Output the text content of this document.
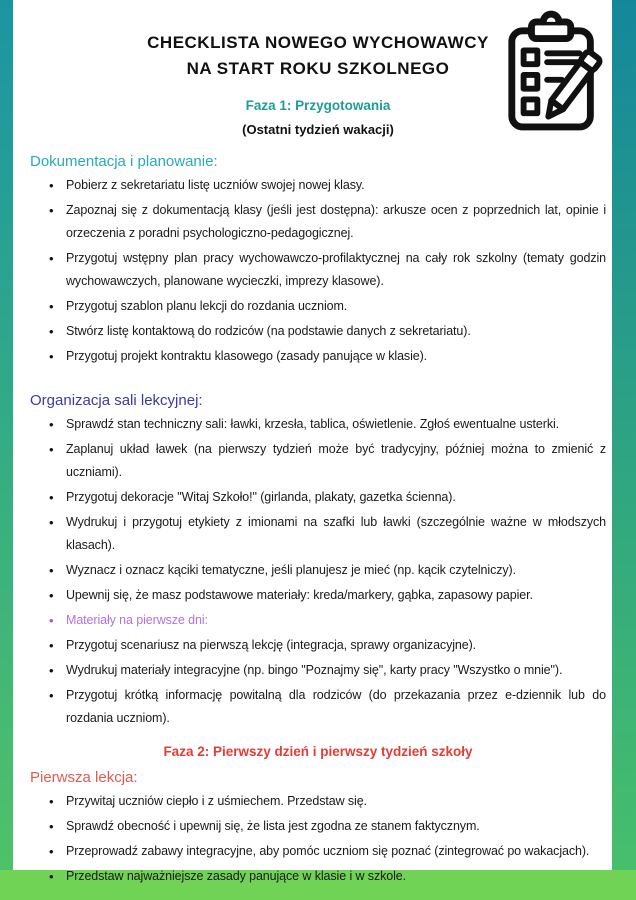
CHECKLISTA NOWEGO WYCHOWAWCY
NA START ROKU SZKOLNEGO
Faza 1: Przygotowania
(Ostatni tydzień wakacji)
Dokumentacja i planowanie:
• Pobierz z sekretariatu listę uczniów swojej nowej klasy.
• Zapoznaj się z dokumentacją klasy (jeśli jest dostępna): arkusze ocen z poprzednich lat, opinie i orzeczenia z poradni psychologiczno-pedagogicznej.
• Przygotuj wstępny plan pracy wychowawczo-profilaktycznej na cały rok szkolny (tematy godzin wychowawczych, planowane wycieczki, imprezy klasowe).
• Przygotuj szablon planu lekcji do rozdania uczniom.
• Stwórz listę kontaktową do rodziców (na podstawie danych z sekretariatu).
• Przygotuj projekt kontraktu klasowego (zasady panujące w klasie).
Organizacja sali lekcyjnej:
• Sprawdź stan techniczny sali: ławki, krzesła, tablica, oświetlenie. Zgłoś ewentualne usterki.
• Zaplanuj układ ławek (na pierwszy tydzień może być tradycyjny, później można to zmienić z uczniami).
• Przygotuj dekoracje "Witaj Szkoło!" (girlanda, plakaty, gazetka ścienna).
• Wydrukuj i przygotuj etykiety z imionami na szafki lub ławki (szczególnie ważne w młodszych klasach).
• Wyznacz i oznacz kąciki tematyczne, jeśli planujesz je mieć (np. kącik czytelniczy).
• Upewnij się, że masz podstawowe materiały: kreda/markery, gąbka, zapasowy papier.
• Materiały na pierwsze dni:
• Przygotuj scenariusz na pierwszą lekcję (integracja, sprawy organizacyjne).
• Wydrukuj materiały integracyjne (np. bingo "Poznajmy się", karty pracy "Wszystko o mnie").
• Przygotuj krótką informację powitalną dla rodziców (do przekazania przez e-dziennik lub do rozdania uczniom).
Faza 2: Pierwszy dzień i pierwszy tydzień szkoły
Pierwsza lekcja:
• Przywitaj uczniów ciepło i z uśmiechem. Przedstaw się.
• Sprawdź obecność i upewnij się, że lista jest zgodna ze stanem faktycznym.
• Przeprowadź zabawy integracyjne, aby pomóc uczniom się poznać (zintegrować po wakacjach).
• Przedstaw najważniejsze zasady panujące w klasie i w szkole.
